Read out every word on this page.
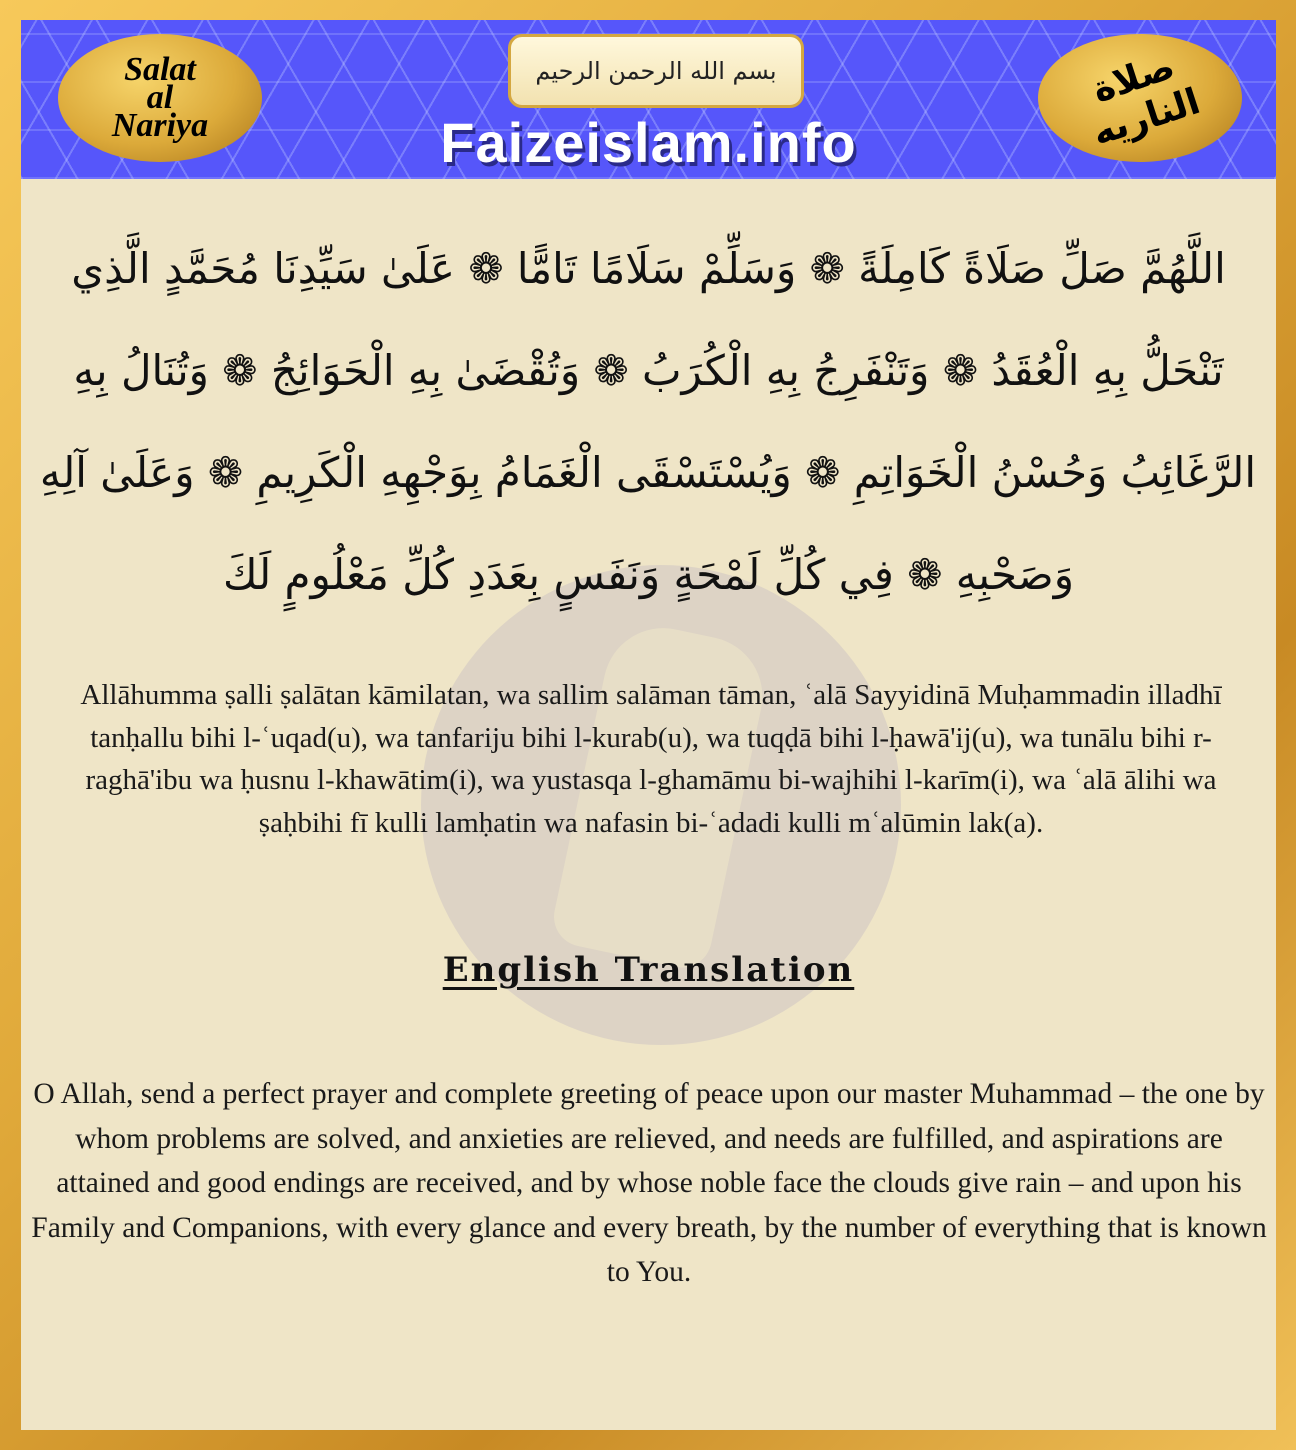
Salat
al
Nariya
بسم الله الرحمن الرحيم
Faizeislam.info
صلاة الناريه
اللَّهُمَّ صَلِّ صَلَاةً كَامِلَةً ❁ وَسَلِّمْ سَلَامًا تَامًّا ❁ عَلَىٰ سَيِّدِنَا مُحَمَّدٍ الَّذِي
تَنْحَلُّ بِهِ الْعُقَدُ ❁ وَتَنْفَرِجُ بِهِ الْكُرَبُ ❁ وَتُقْضَىٰ بِهِ الْحَوَائِجُ ❁ وَتُنَالُ بِهِ
الرَّغَائِبُ وَحُسْنُ الْخَوَاتِمِ ❁ وَيُسْتَسْقَى الْغَمَامُ بِوَجْهِهِ الْكَرِيمِ ❁ وَعَلَىٰ آلِهِ
وَصَحْبِهِ ❁ فِي كُلِّ لَمْحَةٍ وَنَفَسٍ بِعَدَدِ كُلِّ مَعْلُومٍ لَكَ
Allāhumma ṣalli ṣalātan kāmilatan, wa sallim salāman tāman, ʿalā Sayyidinā Muḥammadin illadhī tanḥallu bihi l-ʿuqad(u), wa tanfariju bihi l-kurab(u), wa tuqḍā bihi l-ḥawā'ij(u), wa tunālu bihi r-raghā'ibu wa ḥusnu l-khawātim(i), wa yustasqa l-ghamāmu bi-wajhihi l-karīm(i), wa ʿalā ālihi wa ṣaḥbihi fī kulli lamḥatin wa nafasin bi-ʿadadi kulli mʿalūmin lak(a).
English Translation
O Allah, send a perfect prayer and complete greeting of peace upon our master Muhammad – the one by whom problems are solved, and anxieties are relieved, and needs are fulfilled, and aspirations are attained and good endings are received, and by whose noble face the clouds give rain – and upon his Family and Companions, with every glance and every breath, by the number of everything that is known to You.
